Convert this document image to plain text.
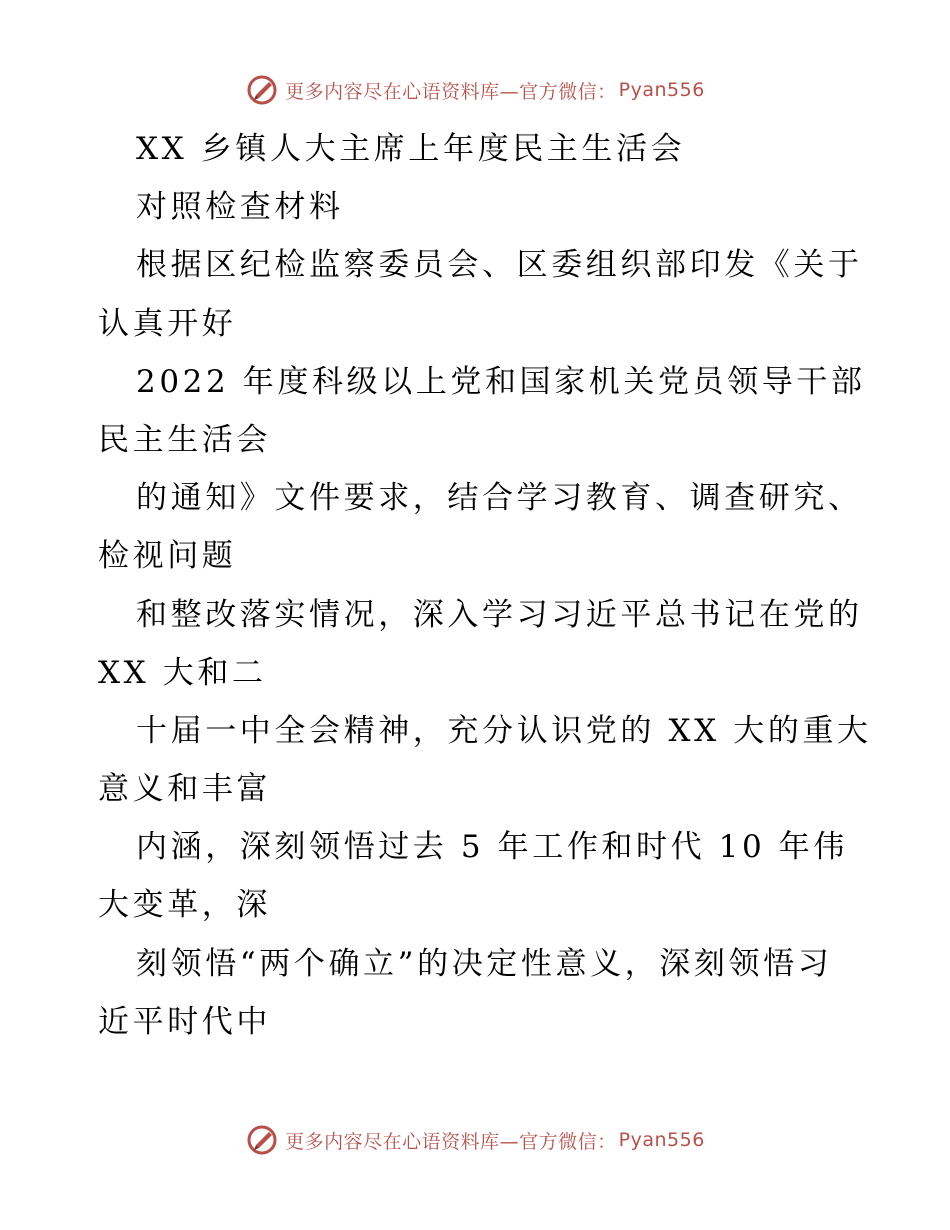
更多内容尽在心语资料库—官方微信： Pyan556
XX 乡镇人大主席上年度民主生活会
对照检查材料
根据区纪检监察委员会、区委组织部印发《关于
认真开好
2022 年度科级以上党和国家机关党员领导干部
民主生活会
的通知》文件要求，结合学习教育、调查研究、
检视问题
和整改落实情况，深入学习习近平总书记在党的
XX 大和二
十届一中全会精神，充分认识党的 XX 大的重大
意义和丰富
内涵，深刻领悟过去 5 年工作和时代 10 年伟
大变革，深
刻领悟“两个确立”的决定性意义，深刻领悟习
近平时代中
更多内容尽在心语资料库—官方微信： Pyan556
